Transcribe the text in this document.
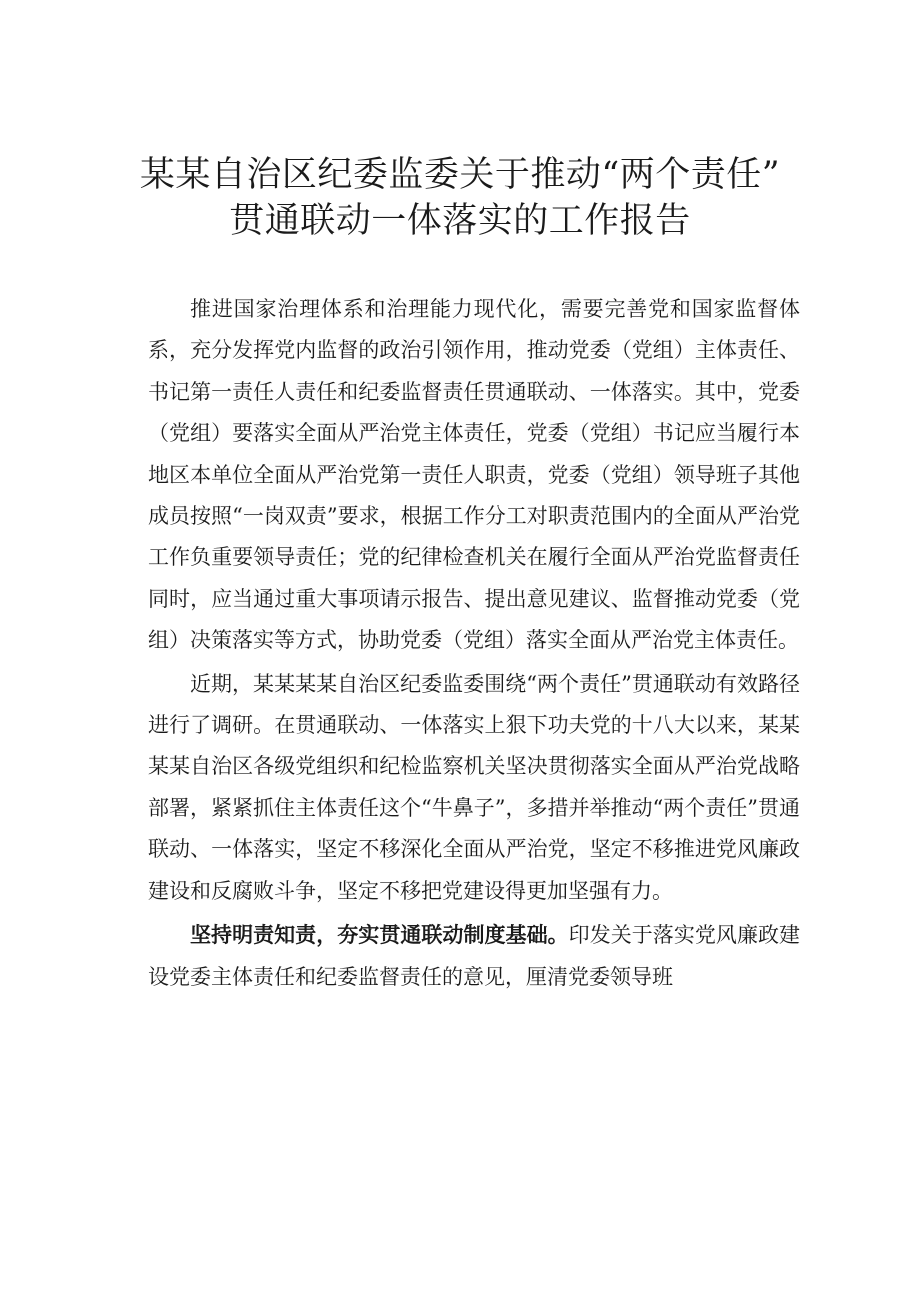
某某自治区纪委监委关于推动“两个责任”
贯通联动一体落实的工作报告

推进国家治理体系和治理能力现代化，需要完善党和国家监督体系，充分发挥党内监督的政治引领作用，推动党委（党组）主体责任、书记第一责任人责任和纪委监督责任贯通联动、一体落实。其中，党委（党组）要落实全面从严治党主体责任，党委（党组）书记应当履行本地区本单位全面从严治党第一责任人职责，党委（党组）领导班子其他成员按照“一岗双责”要求，根据工作分工对职责范围内的全面从严治党工作负重要领导责任；党的纪律检查机关在履行全面从严治党监督责任同时，应当通过重大事项请示报告、提出意见建议、监督推动党委（党组）决策落实等方式，协助党委（党组）落实全面从严治党主体责任。

近期，某某某某自治区纪委监委围绕“两个责任”贯通联动有效路径进行了调研。在贯通联动、一体落实上狠下功夫党的十八大以来，某某某某自治区各级党组织和纪检监察机关坚决贯彻落实全面从严治党战略部署，紧紧抓住主体责任这个“牛鼻子”，多措并举推动“两个责任”贯通联动、一体落实，坚定不移深化全面从严治党，坚定不移推进党风廉政建设和反腐败斗争，坚定不移把党建设得更加坚强有力。

坚持明责知责，夯实贯通联动制度基础。印发关于落实党风廉政建设党委主体责任和纪委监督责任的意见，厘清党委领导班
